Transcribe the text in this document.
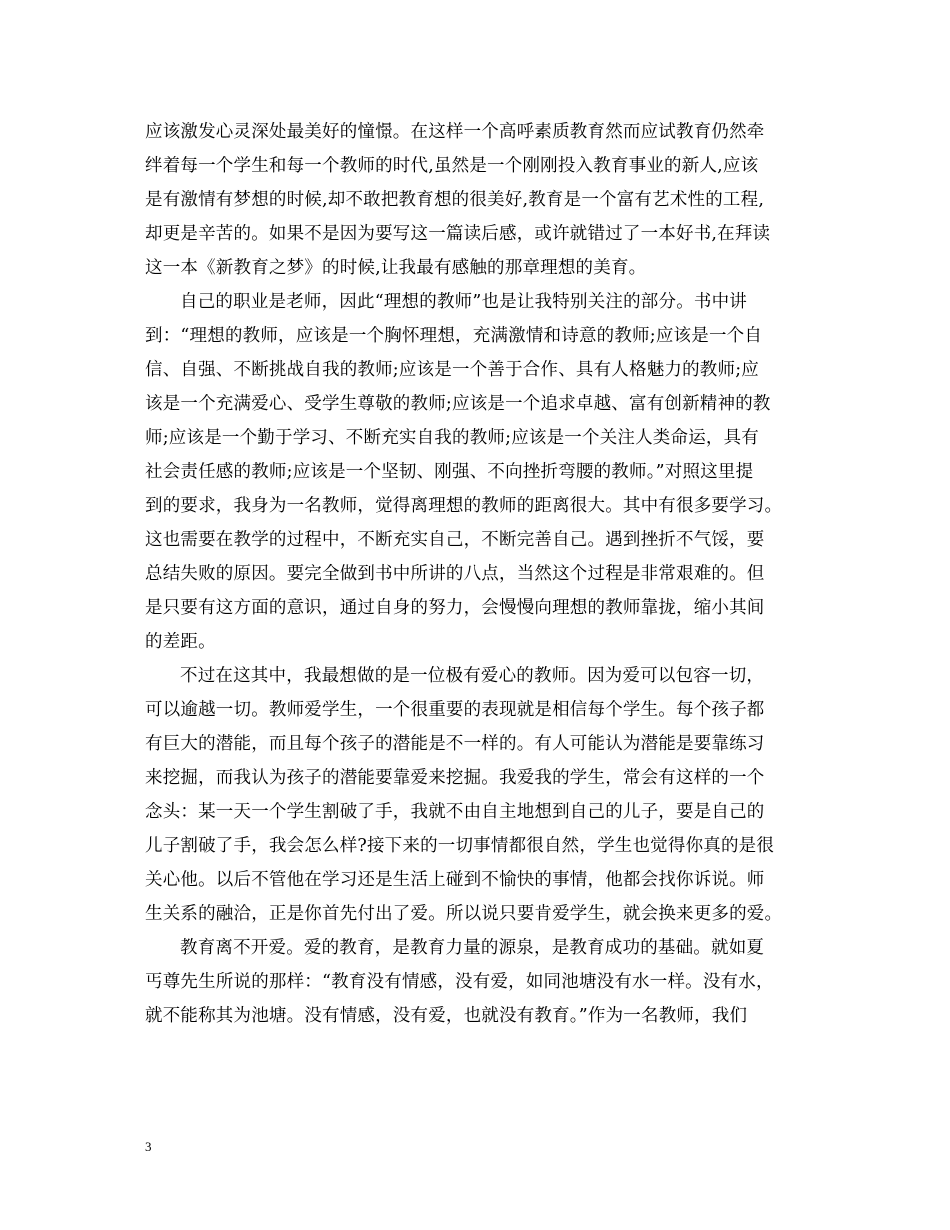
应该激发心灵深处最美好的憧憬。在这样一个高呼素质教育然而应试教育仍然牵
绊着每一个学生和每一个教师的时代,虽然是一个刚刚投入教育事业的新人,应该
是有激情有梦想的时候,却不敢把教育想的很美好,教育是一个富有艺术性的工程,
却更是辛苦的。如果不是因为要写这一篇读后感，或许就错过了一本好书,在拜读
这一本《新教育之梦》的时候,让我最有感触的那章理想的美育。
自己的职业是老师，因此“理想的教师”也是让我特别关注的部分。书中讲
到：“理想的教师，应该是一个胸怀理想，充满激情和诗意的教师;应该是一个自
信、自强、不断挑战自我的教师;应该是一个善于合作、具有人格魅力的教师;应
该是一个充满爱心、受学生尊敬的教师;应该是一个追求卓越、富有创新精神的教
师;应该是一个勤于学习、不断充实自我的教师;应该是一个关注人类命运，具有
社会责任感的教师;应该是一个坚韧、刚强、不向挫折弯腰的教师。”对照这里提
到的要求，我身为一名教师，觉得离理想的教师的距离很大。其中有很多要学习。
这也需要在教学的过程中，不断充实自己，不断完善自己。遇到挫折不气馁，要
总结失败的原因。要完全做到书中所讲的八点，当然这个过程是非常艰难的。但
是只要有这方面的意识，通过自身的努力，会慢慢向理想的教师靠拢，缩小其间
的差距。
不过在这其中，我最想做的是一位极有爱心的教师。因为爱可以包容一切，
可以逾越一切。教师爱学生，一个很重要的表现就是相信每个学生。每个孩子都
有巨大的潜能，而且每个孩子的潜能是不一样的。有人可能认为潜能是要靠练习
来挖掘，而我认为孩子的潜能要靠爱来挖掘。我爱我的学生，常会有这样的一个
念头：某一天一个学生割破了手，我就不由自主地想到自己的儿子，要是自己的
儿子割破了手，我会怎么样?接下来的一切事情都很自然，学生也觉得你真的是很
关心他。以后不管他在学习还是生活上碰到不愉快的事情，他都会找你诉说。师
生关系的融洽，正是你首先付出了爱。所以说只要肯爱学生，就会换来更多的爱。
教育离不开爱。爱的教育，是教育力量的源泉，是教育成功的基础。就如夏
丐尊先生所说的那样：“教育没有情感，没有爱，如同池塘没有水一样。没有水，
就不能称其为池塘。没有情感，没有爱，也就没有教育。”作为一名教师，我们
3
